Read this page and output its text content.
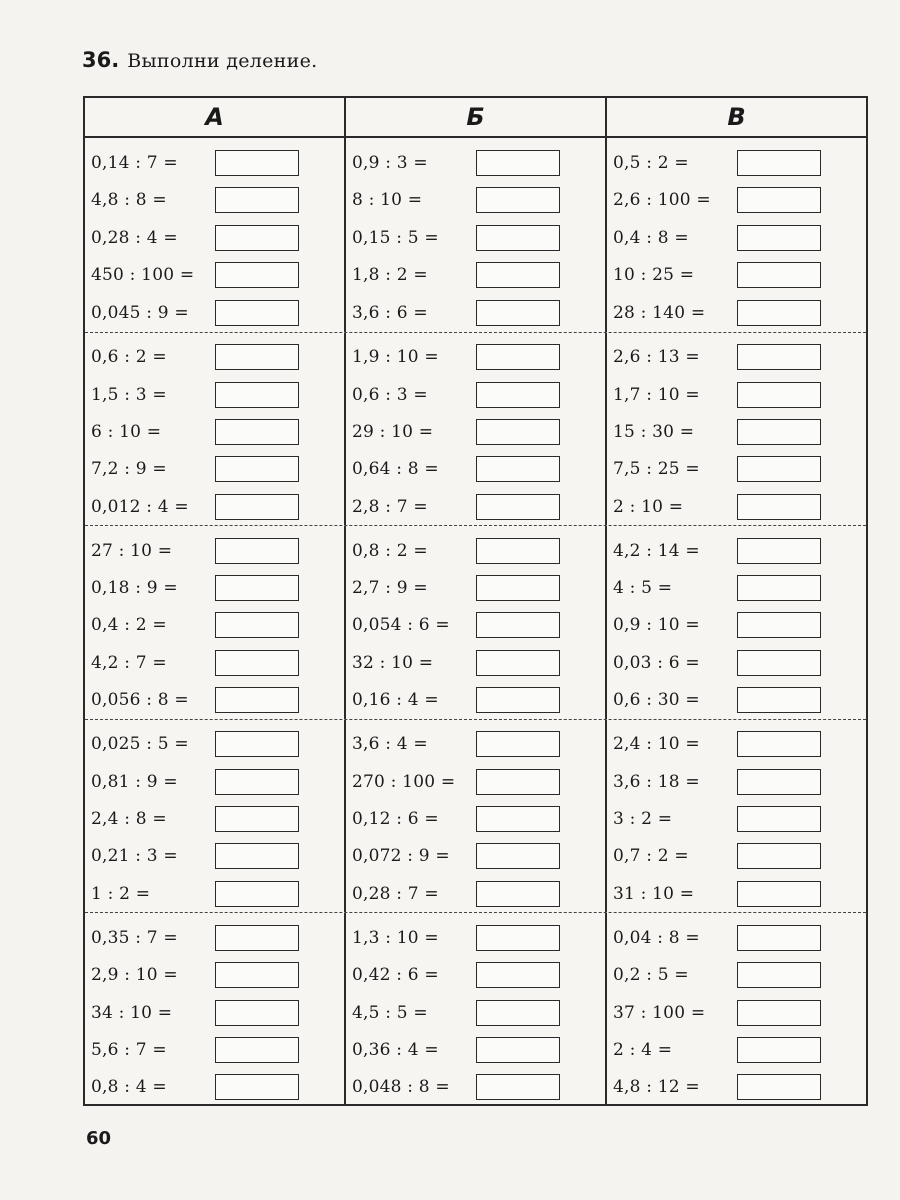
36. Выполни деление.
А	Б	В
0,14 : 7 =
4,8 : 8 =
0,28 : 4 =
450 : 100 =
0,045 : 9 =
0,9 : 3 =
8 : 10 =
0,15 : 5 =
1,8 : 2 =
3,6 : 6 =
0,5 : 2 =
2,6 : 100 =
0,4 : 8 =
10 : 25 =
28 : 140 =
0,6 : 2 =
1,5 : 3 =
6 : 10 =
7,2 : 9 =
0,012 : 4 =
1,9 : 10 =
0,6 : 3 =
29 : 10 =
0,64 : 8 =
2,8 : 7 =
2,6 : 13 =
1,7 : 10 =
15 : 30 =
7,5 : 25 =
2 : 10 =
27 : 10 =
0,18 : 9 =
0,4 : 2 =
4,2 : 7 =
0,056 : 8 =
0,8 : 2 =
2,7 : 9 =
0,054 : 6 =
32 : 10 =
0,16 : 4 =
4,2 : 14 =
4 : 5 =
0,9 : 10 =
0,03 : 6 =
0,6 : 30 =
0,025 : 5 =
0,81 : 9 =
2,4 : 8 =
0,21 : 3 =
1 : 2 =
3,6 : 4 =
270 : 100 =
0,12 : 6 =
0,072 : 9 =
0,28 : 7 =
2,4 : 10 =
3,6 : 18 =
3 : 2 =
0,7 : 2 =
31 : 10 =
0,35 : 7 =
2,9 : 10 =
34 : 10 =
5,6 : 7 =
0,8 : 4 =
1,3 : 10 =
0,42 : 6 =
4,5 : 5 =
0,36 : 4 =
0,048 : 8 =
0,04 : 8 =
0,2 : 5 =
37 : 100 =
2 : 4 =
4,8 : 12 =
60
